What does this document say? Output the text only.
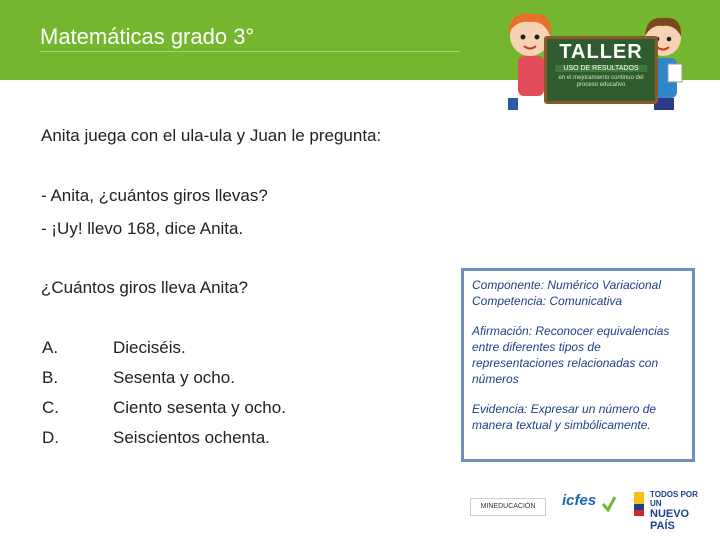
Matemáticas grado 3°
TALLER
USO DE RESULTADOS
en el mejoramiento continuo del proceso educativo
Anita juega con el ula-ula y Juan le pregunta:
- Anita, ¿cuántos giros llevas?
- ¡Uy! llevo 168, dice Anita.
¿Cuántos giros lleva Anita?
A.	Dieciséis.
B.	Sesenta y ocho.
C.	Ciento sesenta y ocho.
D.	Seiscientos ochenta.

Componente: Numérico Variacional

Competencia: Comunicativa

Afirmación: Reconocer equivalencias entre diferentes tipos de representaciones relacionadas con números

Evidencia: Expresar un número de manera textual y simbólicamente.

MINEDUCACIÓN	icfes	TODOS POR UN
NUEVO PAÍS
